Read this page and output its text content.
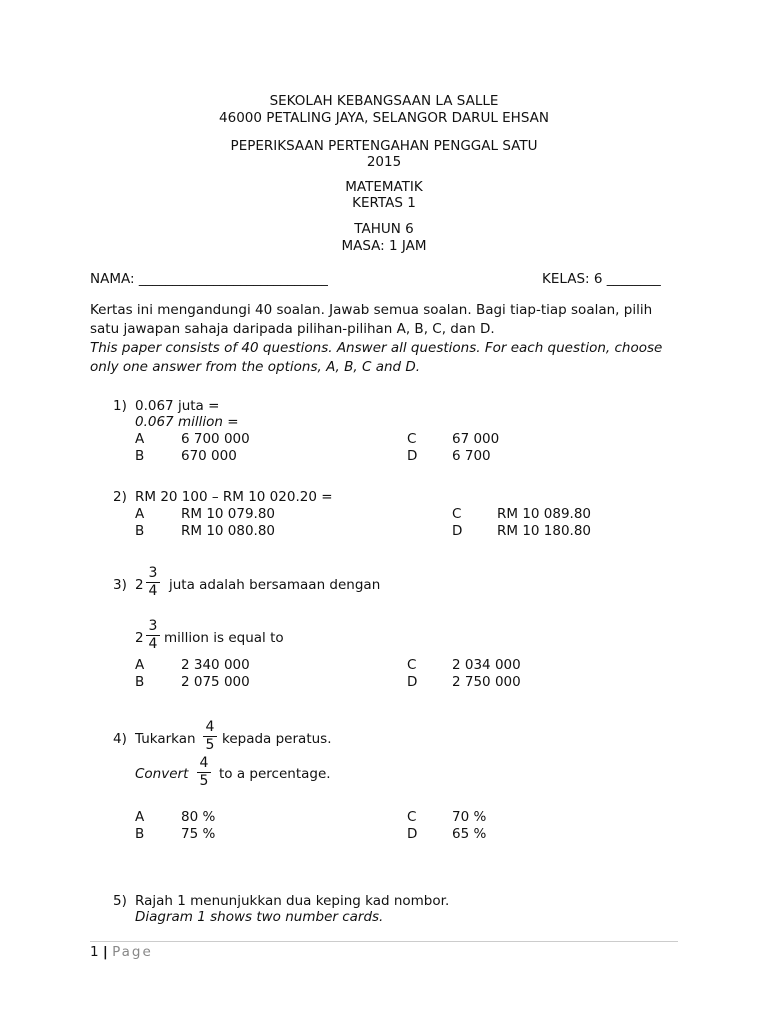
SEKOLAH KEBANGSAAN LA SALLE
46000 PETALING JAYA, SELANGOR DARUL EHSAN
PEPERIKSAAN PERTENGAHAN PENGGAL SATU
2015
MATEMATIK
KERTAS 1
TAHUN 6
MASA: 1 JAM
NAMA: ____________________________	KELAS: 6 ________
Kertas ini mengandungi 40 soalan. Jawab semua soalan. Bagi tiap-tiap soalan, pilih
satu jawapan sahaja daripada pilihan-pilihan A, B, C, dan D.
This paper consists of 40 questions. Answer all questions. For each question, choose
only one answer from the options, A, B, C and D.
1) 0.067 juta =
0.067 million =
A	6 700 000
B	670 000
C	67 000
D	6 700
2) RM 20 100 – RM 10 020.20 =
A	RM 10 079.80
B	RM 10 080.80
C	RM 10 089.80
D	RM 10 180.80
3) 2
3
4 juta adalah bersamaan dengan
2
3
4 million is equal to
A	2 340 000
B	2 075 000
C	2 034 000
D	2 750 000
4) Tukarkan
4
5 kepada peratus.
Convert
4
5 to a percentage.
A	80 %
B	75 %
C	70 %
D	65 %
5) Rajah 1 menunjukkan dua keping kad nombor.
Diagram 1 shows two number cards.
1 | Page
